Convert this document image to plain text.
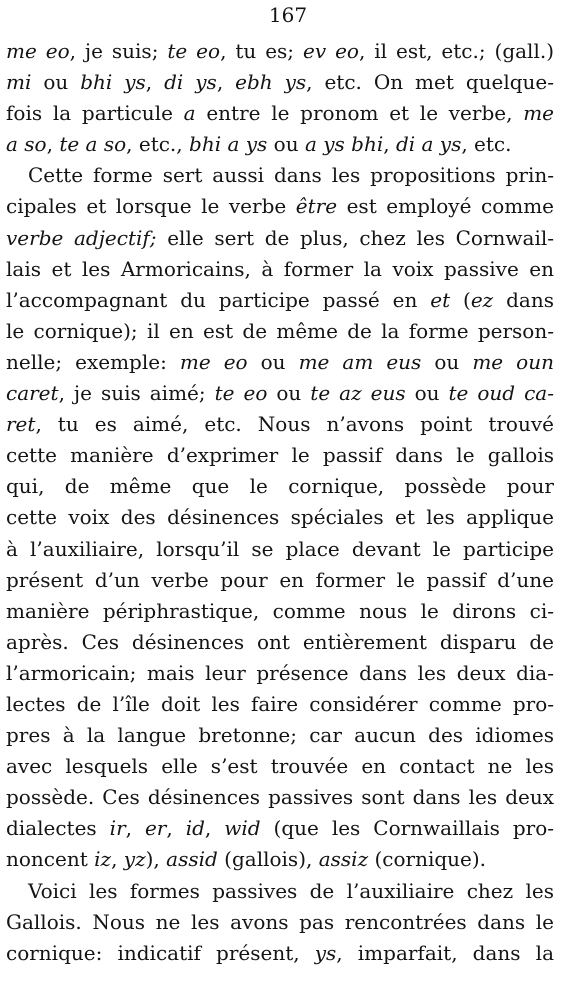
167
me eo, je suis; te eo, tu es; ev eo, il est, etc.; (gall.)
mi ou bhi ys, di ys, ebh ys, etc. On met quelque-
fois la particule a entre le pronom et le verbe, me
a so, te a so, etc., bhi a ys ou a ys bhi, di a ys, etc.
Cette forme sert aussi dans les propositions prin-
cipales et lorsque le verbe être est employé comme
verbe adjectif; elle sert de plus, chez les Cornwail-
lais et les Armoricains, à former la voix passive en
l’accompagnant du participe passé en et (ez dans
le cornique); il en est de même de la forme person-
nelle; exemple: me eo ou me am eus ou me oun
caret, je suis aimé; te eo ou te az eus ou te oud ca-
ret, tu es aimé, etc. Nous n’avons point trouvé
cette manière d’exprimer le passif dans le gallois
qui, de même que le cornique, possède pour
cette voix des désinences spéciales et les applique
à l’auxiliaire, lorsqu’il se place devant le participe
présent d’un verbe pour en former le passif d’une
manière périphrastique, comme nous le dirons ci-
après. Ces désinences ont entièrement disparu de
l’armoricain; mais leur présence dans les deux dia-
lectes de l’île doit les faire considérer comme pro-
pres à la langue bretonne; car aucun des idiomes
avec lesquels elle s’est trouvée en contact ne les
possède. Ces désinences passives sont dans les deux
dialectes ir, er, id, wid (que les Cornwaillais pro-
noncent iz, yz), assid (gallois), assiz (cornique).
Voici les formes passives de l’auxiliaire chez les
Gallois. Nous ne les avons pas rencontrées dans le
cornique: indicatif présent, ys, imparfait, dans la
